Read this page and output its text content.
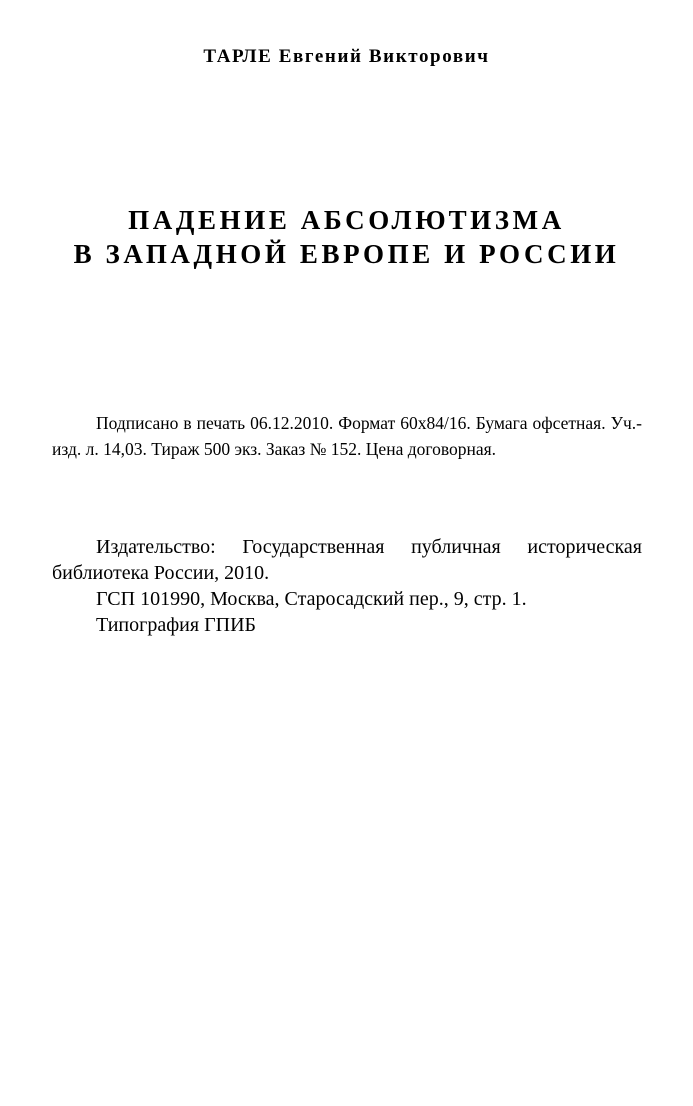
ТАРЛЕ Евгений Викторович
ПАДЕНИЕ АБСОЛЮТИЗМА
В ЗАПАДНОЙ ЕВРОПЕ И РОССИИ

Подписано в печать 06.12.2010. Формат 60х84/16. Бумага офсетная. Уч.-изд. л. 14,03. Тираж 500 экз. Заказ № 152. Цена договорная.

Издательство: Государственная публичная историческая библиотека России, 2010.

ГСП 101990, Москва, Старосадский пер., 9, стр. 1.

Типография ГПИБ
